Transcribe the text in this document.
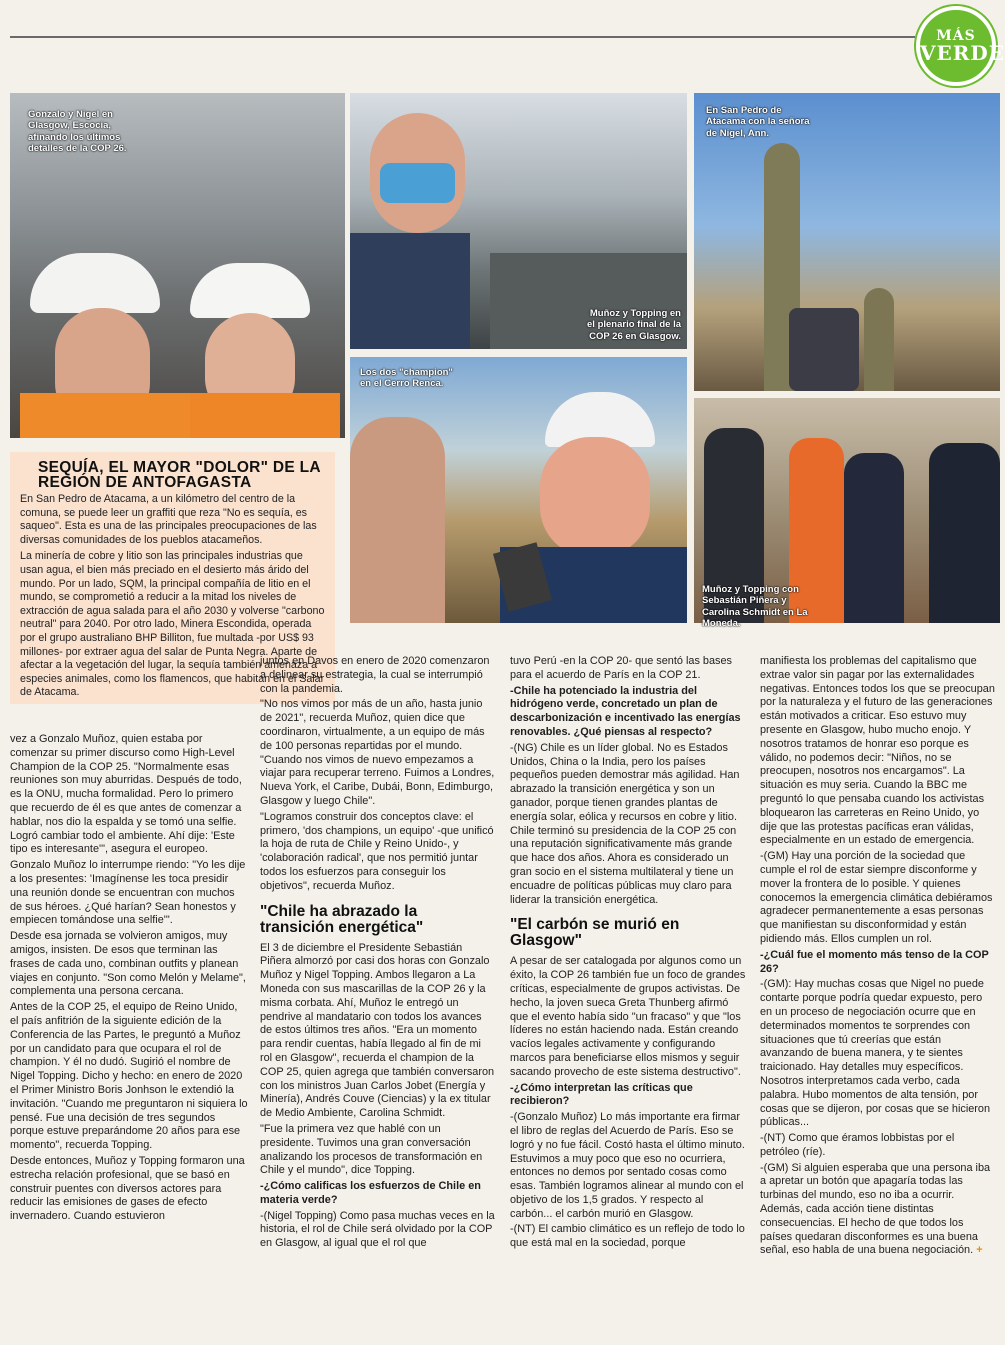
MÁS
VERDE
Gonzalo y Nigel en Glasgow, Escocia, afinando los últimos detalles de la COP 26.
Muñoz y Topping en el plenario final de la COP 26 en Glasgow.
En San Pedro de Atacama con la señora de Nigel, Ann.
Los dos "champion" en el Cerro Renca.
Muñoz y Topping con Sebastián Piñera y Carolina Schmidt en La Moneda.
SEQUÍA, EL MAYOR "DOLOR" DE LA REGIÓN DE ANTOFAGASTA

En San Pedro de Atacama, a un kilómetro del centro de la comuna, se puede leer un graffiti que reza "No es sequía, es saqueo". Esta es una de las principales preocupaciones de las diversas comunidades de los pueblos atacameños.

La minería de cobre y litio son las principales industrias que usan agua, el bien más preciado en el desierto más árido del mundo. Por un lado, SQM, la principal compañía de litio en el mundo, se comprometió a reducir a la mitad los niveles de extracción de agua salada para el año 2030 y volverse "carbono neutral" para 2040. Por otro lado, Minera Escondida, operada por el grupo australiano BHP Billiton, fue multada -por US$ 93 millones- por extraer agua del salar de Punta Negra. Aparte de afectar a la vegetación del lugar, la sequía también amenaza a especies animales, como los flamencos, que habitan en el Salar de Atacama.

vez a Gonzalo Muñoz, quien estaba por comenzar su primer discurso como High-Level Champion de la COP 25. "Normalmente esas reuniones son muy aburridas. Después de todo, es la ONU, mucha formalidad. Pero lo primero que recuerdo de él es que antes de comenzar a hablar, nos dio la espalda y se tomó una selfie. Logró cambiar todo el ambiente. Ahí dije: 'Este tipo es interesante'", asegura el europeo.

Gonzalo Muñoz lo interrumpe riendo: "Yo les dije a los presentes: 'Imagínense les toca presidir una reunión donde se encuentran con muchos de sus héroes. ¿Qué harían? Sean honestos y empiecen tomándose una selfie'".

Desde esa jornada se volvieron amigos, muy amigos, insisten. De esos que terminan las frases de cada uno, combinan outfits y planean viajes en conjunto. "Son como Melón y Melame", complementa una persona cercana.

Antes de la COP 25, el equipo de Reino Unido, el país anfitrión de la siguiente edición de la Conferencia de las Partes, le preguntó a Muñoz por un candidato para que ocupara el rol de champion. Y él no dudó. Sugirió el nombre de Nigel Topping. Dicho y hecho: en enero de 2020 el Primer Ministro Boris Jonhson le extendió la invitación. "Cuando me preguntaron ni siquiera lo pensé. Fue una decisión de tres segundos porque estuve preparándome 20 años para ese momento", recuerda Topping.

Desde entonces, Muñoz y Topping formaron una estrecha relación profesional, que se basó en construir puentes con diversos actores para reducir las emisiones de gases de efecto invernadero. Cuando estuvieron

juntos en Davos en enero de 2020 comenzaron a delinear su estrategia, la cual se interrumpió con la pandemia.

"No nos vimos por más de un año, hasta junio de 2021", recuerda Muñoz, quien dice que coordinaron, virtualmente, a un equipo de más de 100 personas repartidas por el mundo. "Cuando nos vimos de nuevo empezamos a viajar para recuperar terreno. Fuimos a Londres, Nueva York, el Caribe, Dubái, Bonn, Edimburgo, Glasgow y luego Chile".

"Logramos construir dos conceptos clave: el primero, 'dos champions, un equipo' -que unificó la hoja de ruta de Chile y Reino Unido-, y 'colaboración radical', que nos permitió juntar todos los esfuerzos para conseguir los objetivos", recuerda Muñoz.

"Chile ha abrazado la transición energética"

El 3 de diciembre el Presidente Sebastián Piñera almorzó por casi dos horas con Gonzalo Muñoz y Nigel Topping. Ambos llegaron a La Moneda con sus mascarillas de la COP 26 y la misma corbata. Ahí, Muñoz le entregó un pendrive al mandatario con todos los avances de estos últimos tres años. "Era un momento para rendir cuentas, había llegado al fin de mi rol en Glasgow", recuerda el champion de la COP 25, quien agrega que también conversaron con los ministros Juan Carlos Jobet (Energía y Minería), Andrés Couve (Ciencias) y la ex titular de Medio Ambiente, Carolina Schmidt.

"Fue la primera vez que hablé con un presidente. Tuvimos una gran conversación analizando los procesos de transformación en Chile y el mundo", dice Topping.

-¿Cómo calificas los esfuerzos de Chile en materia verde?

-(Nigel Topping) Como pasa muchas veces en la historia, el rol de Chile será olvidado por la COP en Glasgow, al igual que el rol que

tuvo Perú -en la COP 20- que sentó las bases para el acuerdo de París en la COP 21.

-Chile ha potenciado la industria del hidrógeno verde, concretado un plan de descarbonización e incentivado las energías renovables. ¿Qué piensas al respecto?

-(NG) Chile es un líder global. No es Estados Unidos, China o la India, pero los países pequeños pueden demostrar más agilidad. Han abrazado la transición energética y son un ganador, porque tienen grandes plantas de energía solar, eólica y recursos en cobre y litio. Chile terminó su presidencia de la COP 25 con una reputación significativamente más grande que hace dos años. Ahora es considerado un gran socio en el sistema multilateral y tiene un encuadre de políticas públicas muy claro para liderar la transición energética.

"El carbón se murió en Glasgow"

A pesar de ser catalogada por algunos como un éxito, la COP 26 también fue un foco de grandes críticas, especialmente de grupos activistas. De hecho, la joven sueca Greta Thunberg afirmó que el evento había sido "un fracaso" y que "los líderes no están haciendo nada. Están creando vacíos legales activamente y configurando marcos para beneficiarse ellos mismos y seguir sacando provecho de este sistema destructivo".

-¿Cómo interpretan las críticas que recibieron?

-(Gonzalo Muñoz) Lo más importante era firmar el libro de reglas del Acuerdo de París. Eso se logró y no fue fácil. Costó hasta el último minuto. Estuvimos a muy poco que eso no ocurriera, entonces no demos por sentado cosas como esas. También logramos alinear al mundo con el objetivo de los 1,5 grados. Y respecto al carbón... el carbón murió en Glasgow.

-(NT) El cambio climático es un reflejo de todo lo que está mal en la sociedad, porque

manifiesta los problemas del capitalismo que extrae valor sin pagar por las externalidades negativas. Entonces todos los que se preocupan por la naturaleza y el futuro de las generaciones están motivados a criticar. Eso estuvo muy presente en Glasgow, hubo mucho enojo. Y nosotros tratamos de honrar eso porque es válido, no podemos decir: "Niños, no se preocupen, nosotros nos encargamos". La situación es muy seria. Cuando la BBC me preguntó lo que pensaba cuando los activistas bloquearon las carreteras en Reino Unido, yo dije que las protestas pacíficas eran válidas, especialmente en un estado de emergencia.

-(GM) Hay una porción de la sociedad que cumple el rol de estar siempre disconforme y mover la frontera de lo posible. Y quienes conocemos la emergencia climática debiéramos agradecer permanentemente a esas personas que manifiestan su disconformidad y están pidiendo más. Ellos cumplen un rol.

-¿Cuál fue el momento más tenso de la COP 26?

-(GM): Hay muchas cosas que Nigel no puede contarte porque podría quedar expuesto, pero en un proceso de negociación ocurre que en determinados momentos te sorprendes con situaciones que tú creerías que están avanzando de buena manera, y te sientes traicionado. Hay detalles muy específicos. Nosotros interpretamos cada verbo, cada palabra. Hubo momentos de alta tensión, por cosas que se dijeron, por cosas que se hicieron públicas...

-(NT) Como que éramos lobbistas por el petróleo (ríe).

-(GM) Si alguien esperaba que una persona iba a apretar un botón que apagaría todas las turbinas del mundo, eso no iba a ocurrir. Además, cada acción tiene distintas consecuencias. El hecho de que todos los países quedaran disconformes es una buena señal, eso habla de una buena negociación. +
